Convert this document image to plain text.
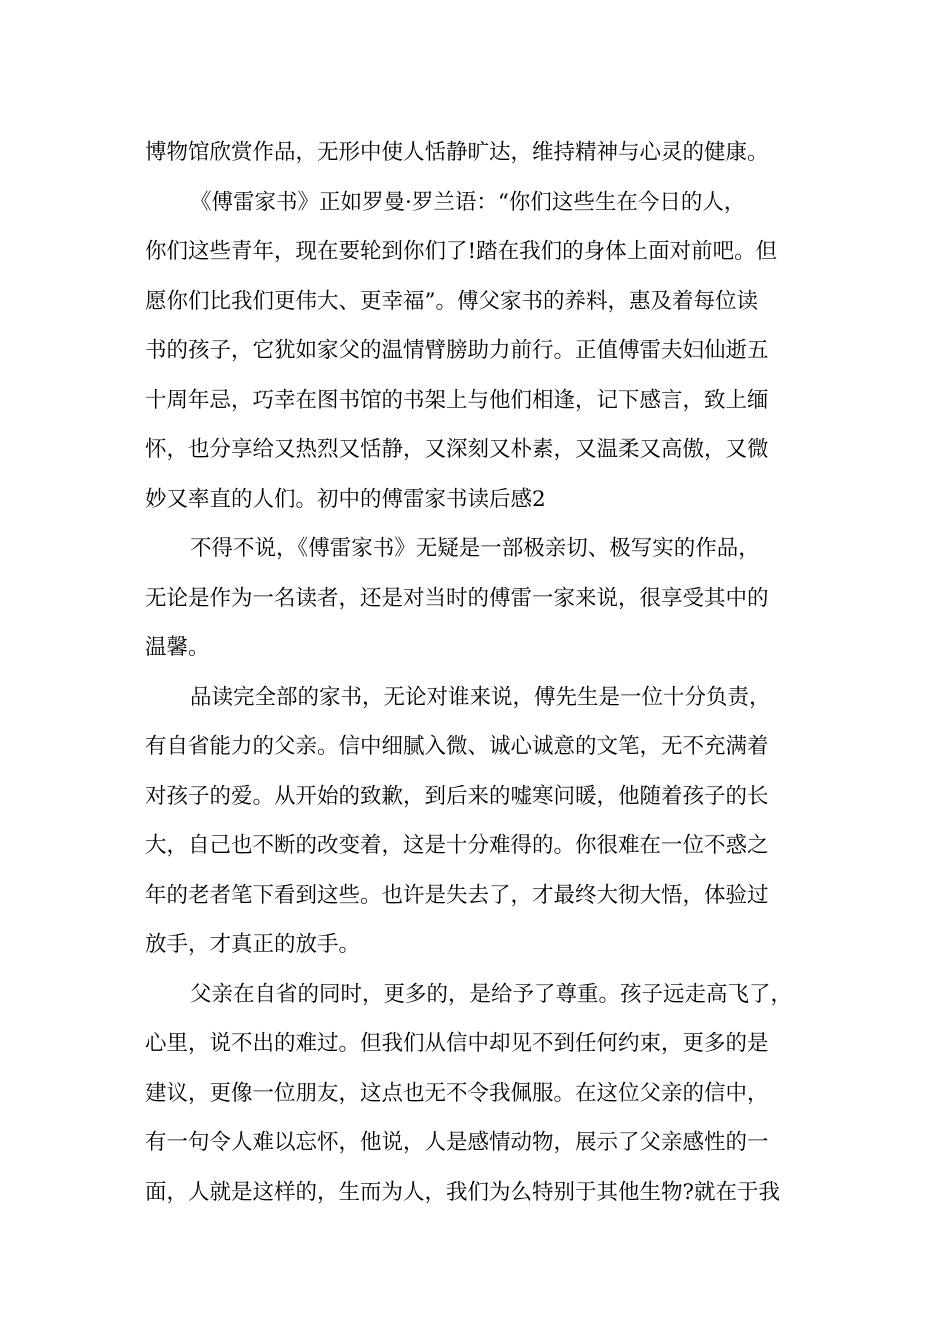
博物馆欣赏作品，无形中使人恬静旷达，维持精神与心灵的健康。
《傅雷家书》正如罗曼·罗兰语：“你们这些生在今日的人，
你们这些青年，现在要轮到你们了!踏在我们的身体上面对前吧。但
愿你们比我们更伟大、更幸福”。傅父家书的养料，惠及着每位读
书的孩子，它犹如家父的温情臂膀助力前行。正值傅雷夫妇仙逝五
十周年忌，巧幸在图书馆的书架上与他们相逢，记下感言，致上缅
怀，也分享给又热烈又恬静，又深刻又朴素，又温柔又高傲，又微
妙又率直的人们。初中的傅雷家书读后感2
不得不说，《傅雷家书》无疑是一部极亲切、极写实的作品，
无论是作为一名读者，还是对当时的傅雷一家来说，很享受其中的
温馨。
品读完全部的家书，无论对谁来说，傅先生是一位十分负责，
有自省能力的父亲。信中细腻入微、诚心诚意的文笔，无不充满着
对孩子的爱。从开始的致歉，到后来的嘘寒问暖，他随着孩子的长
大，自己也不断的改变着，这是十分难得的。你很难在一位不惑之
年的老者笔下看到这些。也许是失去了，才最终大彻大悟，体验过
放手，才真正的放手。
父亲在自省的同时，更多的，是给予了尊重。孩子远走高飞了，
心里，说不出的难过。但我们从信中却见不到任何约束，更多的是
建议，更像一位朋友，这点也无不令我佩服。在这位父亲的信中，
有一句令人难以忘怀，他说，人是感情动物，展示了父亲感性的一
面，人就是这样的，生而为人，我们为么特别于其他生物?就在于我
